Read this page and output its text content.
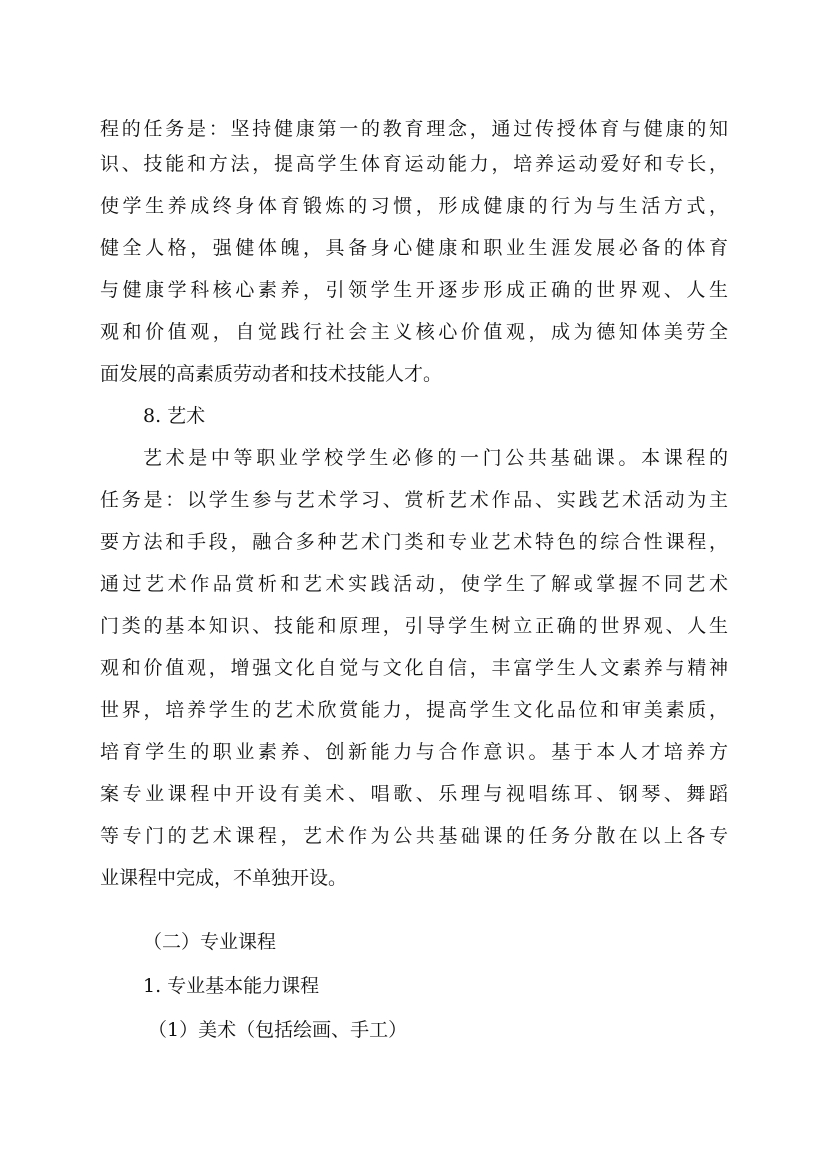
程的任务是：坚持健康第一的教育理念，通过传授体育与健康的知
识、技能和方法，提高学生体育运动能力，培养运动爱好和专长，
使学生养成终身体育锻炼的习惯，形成健康的行为与生活方式，
健全人格，强健体魄，具备身心健康和职业生涯发展必备的体育
与健康学科核心素养，引领学生开逐步形成正确的世界观、人生
观和价值观，自觉践行社会主义核心价值观，成为德知体美劳全
面发展的高素质劳动者和技术技能人才。
8. 艺术
艺术是中等职业学校学生必修的一门公共基础课。本课程的
任务是：以学生参与艺术学习、赏析艺术作品、实践艺术活动为主
要方法和手段，融合多种艺术门类和专业艺术特色的综合性课程，
通过艺术作品赏析和艺术实践活动，使学生了解或掌握不同艺术
门类的基本知识、技能和原理，引导学生树立正确的世界观、人生
观和价值观，增强文化自觉与文化自信，丰富学生人文素养与精神
世界，培养学生的艺术欣赏能力，提高学生文化品位和审美素质，
培育学生的职业素养、创新能力与合作意识。基于本人才培养方
案专业课程中开设有美术、唱歌、乐理与视唱练耳、钢琴、舞蹈
等专门的艺术课程，艺术作为公共基础课的任务分散在以上各专
业课程中完成，不单独开设。
（二）专业课程
1. 专业基本能力课程
（1）美术（包括绘画、手工）
